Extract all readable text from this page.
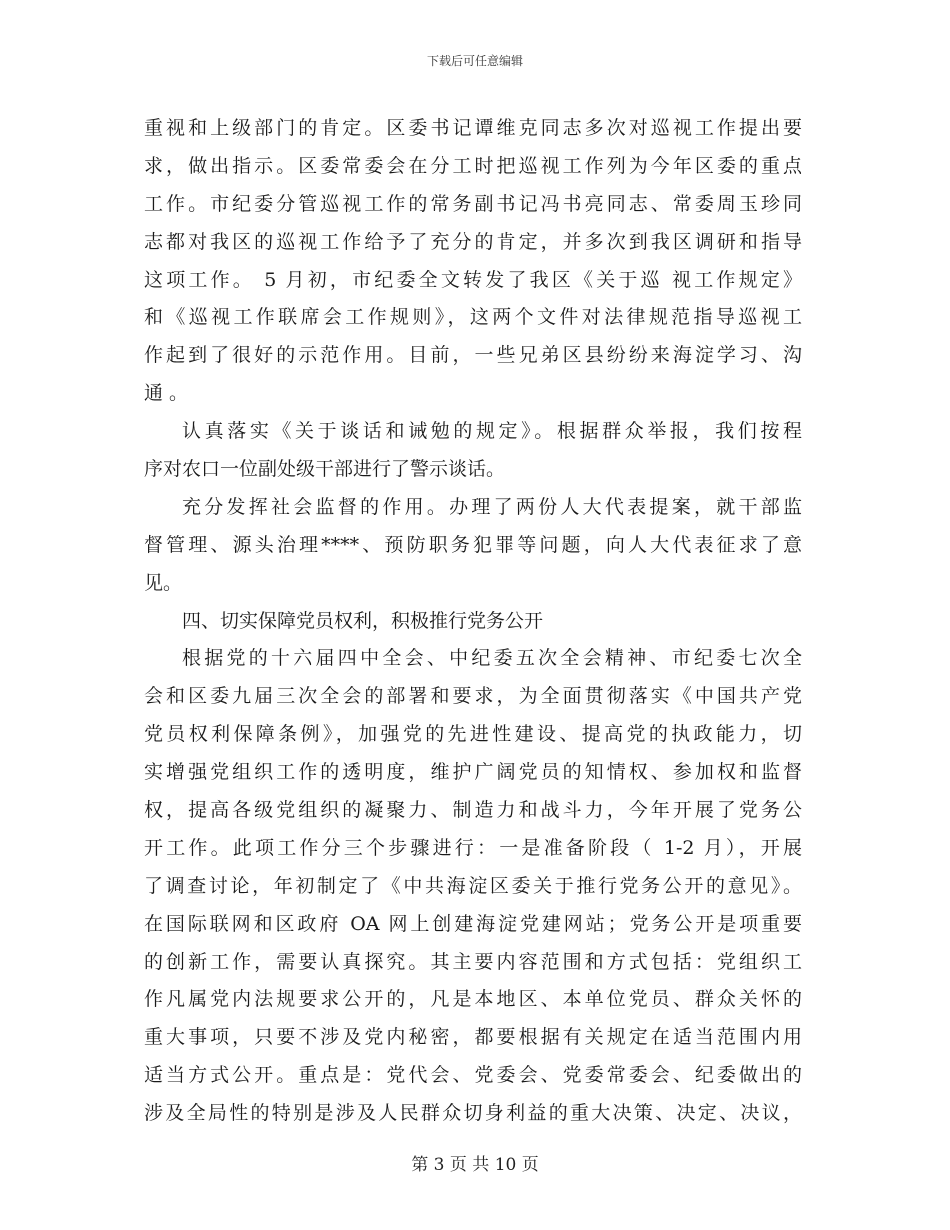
下载后可任意编辑
重视和上级部门的肯定。区委书记谭维克同志多次对巡视工作提出要
求，做出指示。区委常委会在分工时把巡视工作列为今年区委的重点
工作。市纪委分管巡视工作的常务副书记冯书亮同志、常委周玉珍同
志都对我区的巡视工作给予了充分的肯定，并多次到我区调研和指导
这项工作。 5 月初，市纪委全文转发了我区《关于巡 视工作规定》
和《巡视工作联席会工作规则》，这两个文件对法律规范指导巡视工
作起到了很好的示范作用。目前，一些兄弟区县纷纷来海淀学习、沟
通 。
认真落实《关于谈话和诫勉的规定》。根据群众举报，我们按程
序对农口一位副处级干部进行了警示谈话。
充分发挥社会监督的作用。办理了两份人大代表提案，就干部监
督管理、源头治理****、预防职务犯罪等问题，向人大代表征求了意
见。
四、切实保障党员权利，积极推行党务公开
根据党的十六届四中全会、中纪委五次全会精神、市纪委七次全
会和区委九届三次全会的部署和要求，为全面贯彻落实《中国共产党
党员权利保障条例》，加强党的先进性建设、提高党的执政能力，切
实增强党组织工作的透明度，维护广阔党员的知情权、参加权和监督
权，提高各级党组织的凝聚力、制造力和战斗力，今年开展了党务公
开工作。此项工作分三个步骤进行：一是准备阶段（ 1-2 月），开展
了调查讨论，年初制定了《中共海淀区委关于推行党务公开的意见》。
在国际联网和区政府 OA 网上创建海淀党建网站；党务公开是项重要
的创新工作，需要认真探究。其主要内容范围和方式包括：党组织工
作凡属党内法规要求公开的，凡是本地区、本单位党员、群众关怀的
重大事项，只要不涉及党内秘密，都要根据有关规定在适当范围内用
适当方式公开。重点是：党代会、党委会、党委常委会、纪委做出的
涉及全局性的特别是涉及人民群众切身利益的重大决策、决定、决议，
第 3 页 共 10 页
